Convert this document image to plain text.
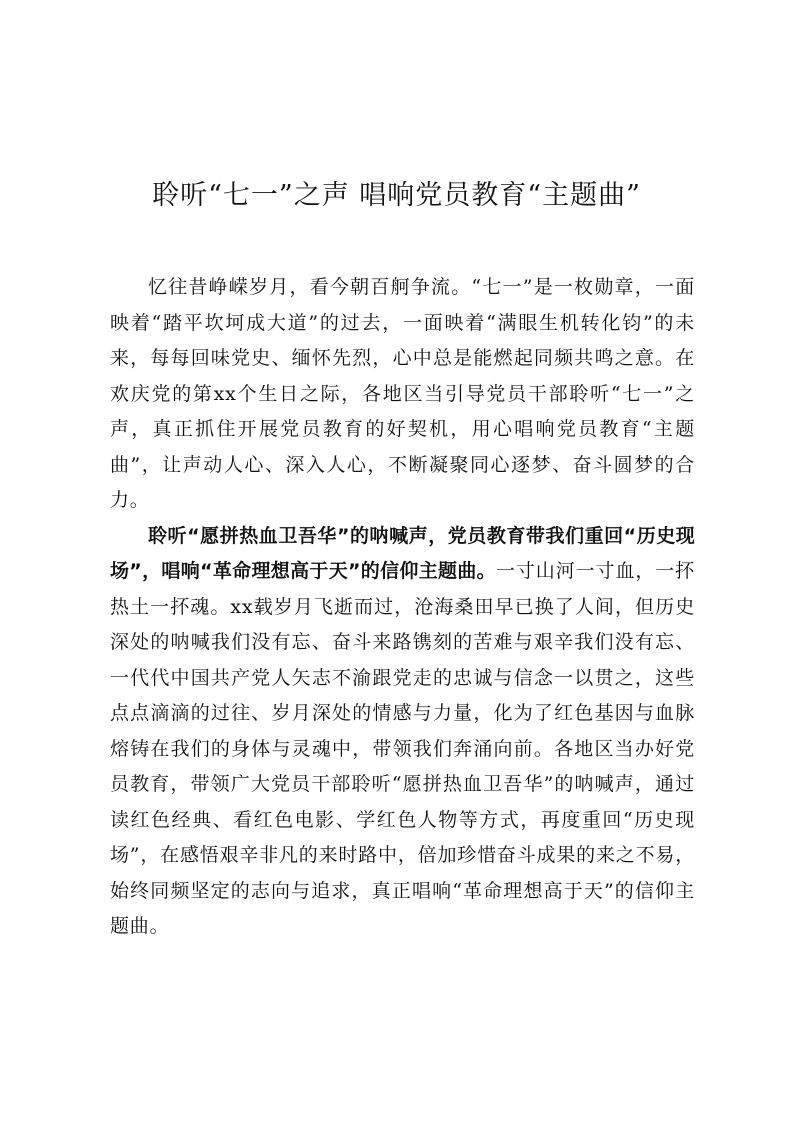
聆听“七一”之声 唱响党员教育“主题曲”

忆往昔峥嵘岁月，看今朝百舸争流。“七一”是一枚勋章，一面映着“踏平坎坷成大道”的过去，一面映着“满眼生机转化钧”的未来，每每回味党史、缅怀先烈，心中总是能燃起同频共鸣之意。在欢庆党的第xx个生日之际，各地区当引导党员干部聆听“七一”之声，真正抓住开展党员教育的好契机，用心唱响党员教育“主题曲”，让声动人心、深入人心，不断凝聚同心逐梦、奋斗圆梦的合力。

聆听“愿拼热血卫吾华”的呐喊声，党员教育带我们重回“历史现场”，唱响“革命理想高于天”的信仰主题曲。一寸山河一寸血，一抔热土一抔魂。xx载岁月飞逝而过，沧海桑田早已换了人间，但历史深处的呐喊我们没有忘、奋斗来路镌刻的苦难与艰辛我们没有忘、一代代中国共产党人矢志不渝跟党走的忠诚与信念一以贯之，这些点点滴滴的过往、岁月深处的情感与力量，化为了红色基因与血脉熔铸在我们的身体与灵魂中，带领我们奔涌向前。各地区当办好党员教育，带领广大党员干部聆听“愿拼热血卫吾华”的呐喊声，通过读红色经典、看红色电影、学红色人物等方式，再度重回“历史现场”，在感悟艰辛非凡的来时路中，倍加珍惜奋斗成果的来之不易，始终同频坚定的志向与追求，真正唱响“革命理想高于天”的信仰主题曲。
